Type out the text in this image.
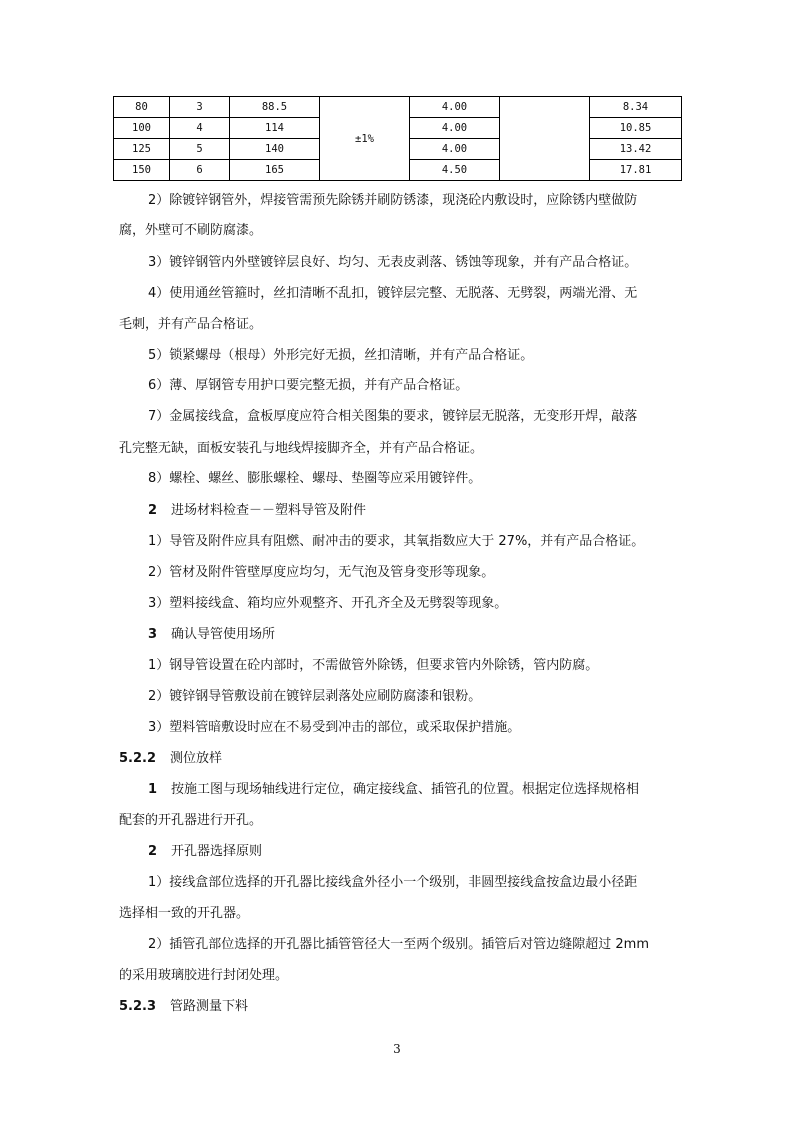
80	3	88.5	±1%	4.00		8.34
100	4	114		4.00		10.85
125	5	140		4.00		13.42
150	6	165		4.50		17.81
2）除镀锌钢管外，焊接管需预先除锈并刷防锈漆，现浇砼内敷设时，应除锈内壁做防
腐，外壁可不刷防腐漆。
3）镀锌钢管内外壁镀锌层良好、均匀、无表皮剥落、锈蚀等现象，并有产品合格证。
4）使用通丝管箍时，丝扣清晰不乱扣，镀锌层完整、无脱落、无劈裂，两端光滑、无
毛刺，并有产品合格证。
5）锁紧螺母（根母）外形完好无损，丝扣清晰，并有产品合格证。
6）薄、厚钢管专用护口要完整无损，并有产品合格证。
7）金属接线盒，盒板厚度应符合相关图集的要求，镀锌层无脱落，无变形开焊，敲落
孔完整无缺，面板安装孔与地线焊接脚齐全，并有产品合格证。
8）螺栓、螺丝、膨胀螺栓、螺母、垫圈等应采用镀锌件。
2 进场材料检查－－塑料导管及附件
1）导管及附件应具有阻燃、耐冲击的要求，其氧指数应大于 27%，并有产品合格证。
2）管材及附件管壁厚度应均匀，无气泡及管身变形等现象。
3）塑料接线盒、箱均应外观整齐、开孔齐全及无劈裂等现象。
3 确认导管使用场所
1）钢导管设置在砼内部时，不需做管外除锈，但要求管内外除锈，管内防腐。
2）镀锌钢导管敷设前在镀锌层剥落处应刷防腐漆和银粉。
3）塑料管暗敷设时应在不易受到冲击的部位，或采取保护措施。
5.2.2 测位放样
1 按施工图与现场轴线进行定位，确定接线盒、插管孔的位置。根据定位选择规格相
配套的开孔器进行开孔。
2 开孔器选择原则
1）接线盒部位选择的开孔器比接线盒外径小一个级别，非圆型接线盒按盒边最小径距
选择相一致的开孔器。
2）插管孔部位选择的开孔器比插管管径大一至两个级别。插管后对管边缝隙超过 2mm
的采用玻璃胶进行封闭处理。
5.2.3 管路测量下料
3
